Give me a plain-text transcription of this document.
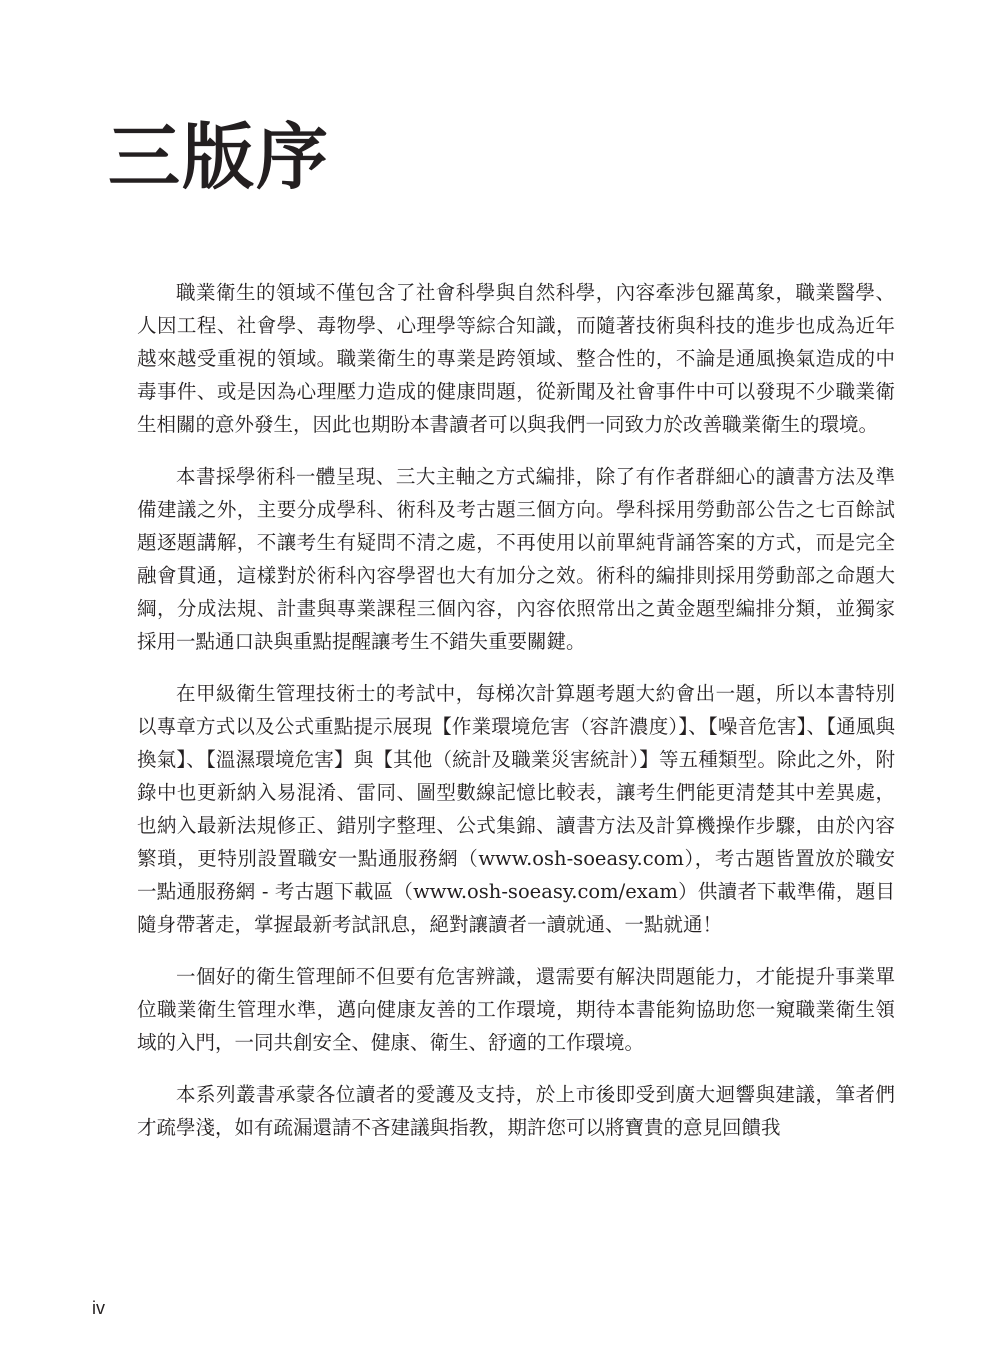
三版序

職業衛生的領域不僅包含了社會科學與自然科學，內容牽涉包羅萬象，職業醫學、人因工程、社會學、毒物學、心理學等綜合知識，而隨著技術與科技的進步也成為近年越來越受重視的領域。職業衛生的專業是跨領域、整合性的，不論是通風換氣造成的中毒事件、或是因為心理壓力造成的健康問題，從新聞及社會事件中可以發現不少職業衛生相關的意外發生，因此也期盼本書讀者可以與我們一同致力於改善職業衛生的環境。

本書採學術科一體呈現、三大主軸之方式編排，除了有作者群細心的讀書方法及準備建議之外，主要分成學科、術科及考古題三個方向。學科採用勞動部公告之七百餘試題逐題講解，不讓考生有疑問不清之處，不再使用以前單純背誦答案的方式，而是完全融會貫通，這樣對於術科內容學習也大有加分之效。術科的編排則採用勞動部之命題大綱，分成法規、計畫與專業課程三個內容，內容依照常出之黃金題型編排分類，並獨家採用一點通口訣與重點提醒讓考生不錯失重要關鍵。

在甲級衛生管理技術士的考試中，每梯次計算題考題大約會出一題，所以本書特別以專章方式以及公式重點提示展現【作業環境危害（容許濃度）】、【噪音危害】、【通風與換氣】、【溫濕環境危害】與【其他（統計及職業災害統計）】等五種類型。除此之外，附錄中也更新納入易混淆、雷同、圖型數線記憶比較表，讓考生們能更清楚其中差異處，也納入最新法規修正、錯別字整理、公式集錦、讀書方法及計算機操作步驟，由於內容繁瑣，更特別設置職安一點通服務網（www.osh-soeasy.com），考古題皆置放於職安一點通服務網 - 考古題下載區（www.osh-soeasy.com/exam）供讀者下載準備，題目隨身帶著走，掌握最新考試訊息，絕對讓讀者一讀就通、一點就通！

一個好的衛生管理師不但要有危害辨識，還需要有解決問題能力，才能提升事業單位職業衛生管理水準，邁向健康友善的工作環境，期待本書能夠協助您一窺職業衛生領域的入門，一同共創安全、健康、衛生、舒適的工作環境。

本系列叢書承蒙各位讀者的愛護及支持，於上市後即受到廣大迴響與建議，筆者們才疏學淺，如有疏漏還請不吝建議與指教，期許您可以將寶貴的意見回饋我

iv
